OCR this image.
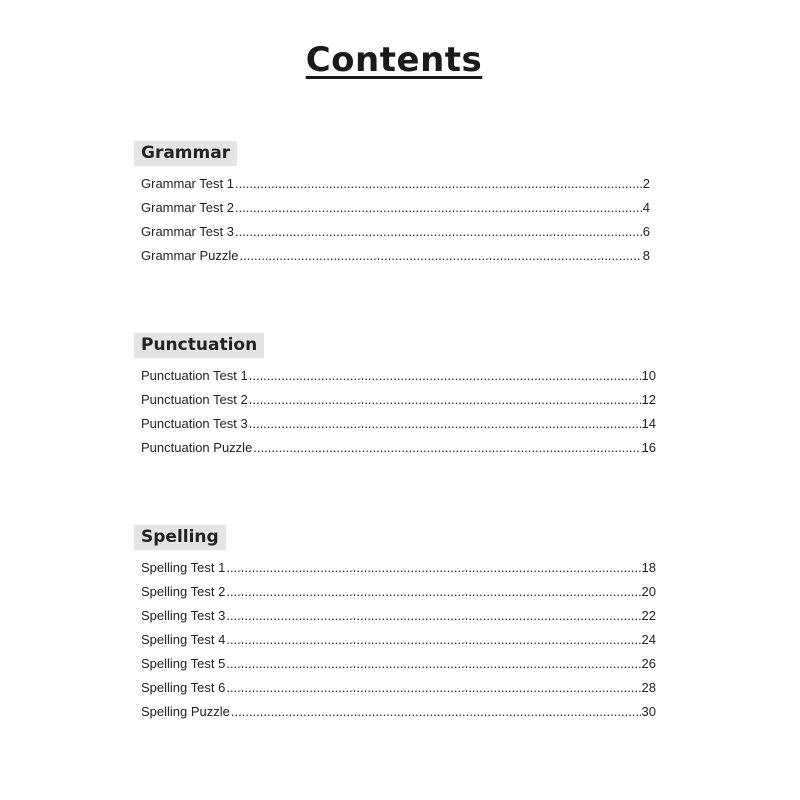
Contents
Grammar
Grammar Test 1 .....	2
Grammar Test 2 .....	4
Grammar Test 3 .....	6
Grammar Puzzle .....	8
Punctuation
Punctuation Test 1 .....	10
Punctuation Test 2 .....	12
Punctuation Test 3 .....	14
Punctuation Puzzle .....	16
Spelling
Spelling Test 1 .....	18
Spelling Test 2 .....	20
Spelling Test 3 .....	22
Spelling Test 4 .....	24
Spelling Test 5 .....	26
Spelling Test 6 .....	28
Spelling Puzzle .....	30
